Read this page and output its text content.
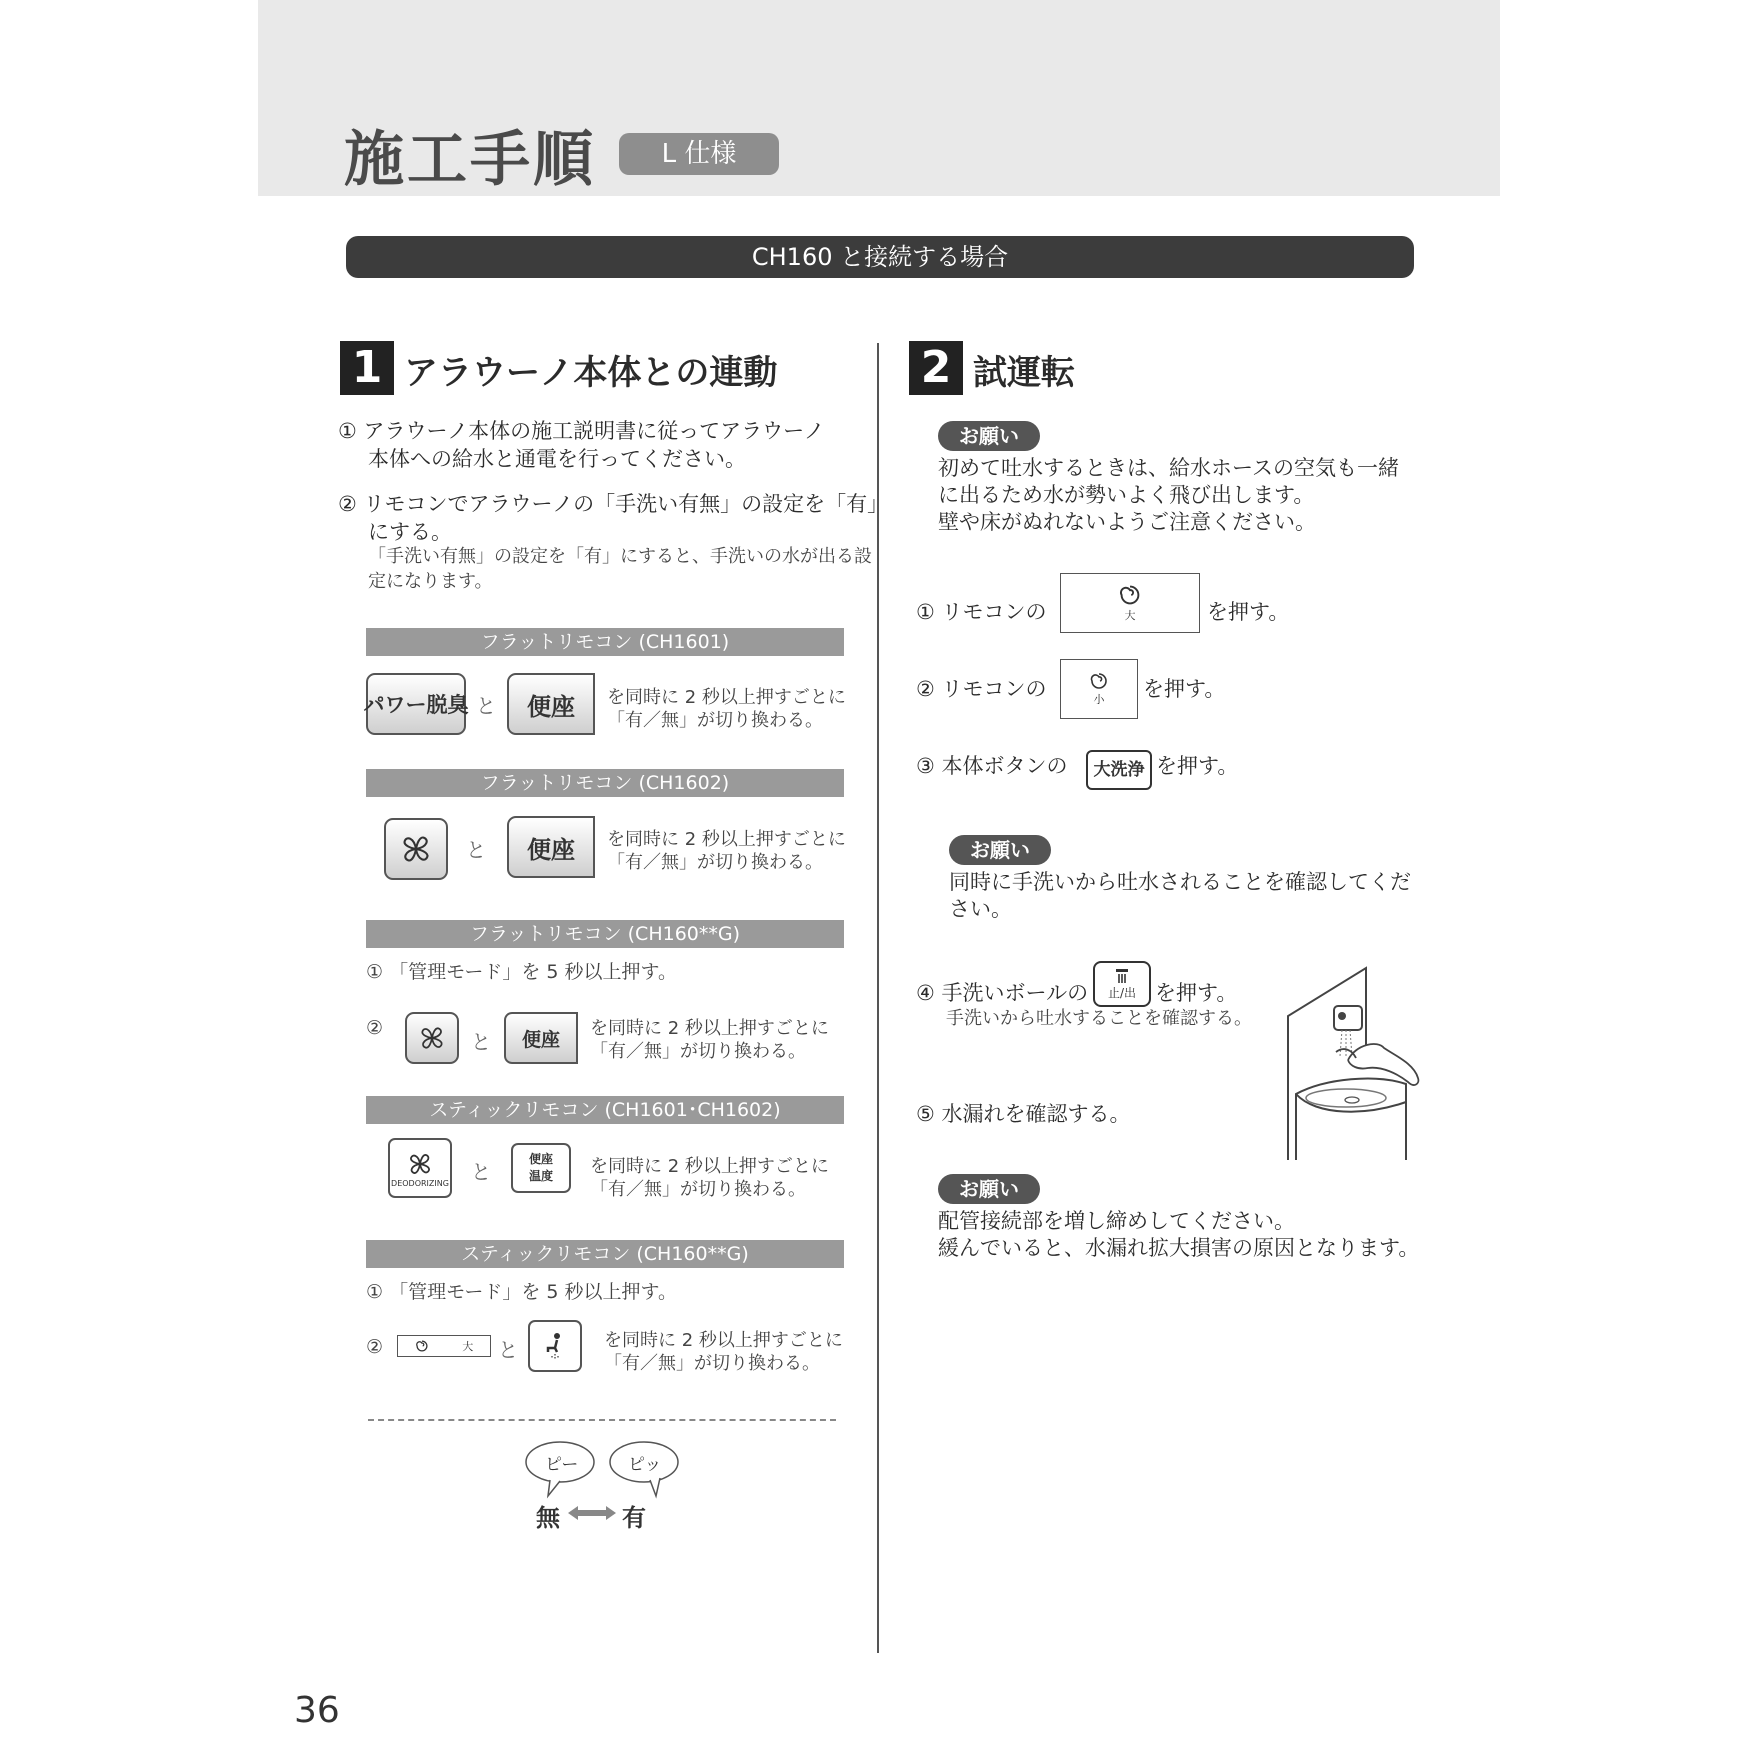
施工手順	L 仕様
CH160 と接続する場合
1 アラウーノ本体との連動
① アラウーノ本体の施工説明書に従ってアラウーノ
本体への給水と通電を行ってください。
② リモコンでアラウーノの「手洗い有無」の設定を「有」
にする。
「手洗い有無」の設定を「有」にすると、手洗いの水が出る設
定になります。
フラットリモコン (CH1601)
パワー脱臭 と	便座	を同時に 2 秒以上押すごとに
「有／無」が切り換わる。
フラットリモコン (CH1602)
と	便座	を同時に 2 秒以上押すごとに
「有／無」が切り換わる。
フラットリモコン (CH160**G)
① 「管理モード」を 5 秒以上押す。
②
と	便座	を同時に 2 秒以上押すごとに
「有／無」が切り換わる。
スティックリモコン (CH1601･CH1602)
DEODORIZING と
便座
温度 を同時に 2 秒以上押すごとに
「有／無」が切り換わる。
スティックリモコン (CH160**G)
① 「管理モード」を 5 秒以上押す。
②	大 と	を同時に 2 秒以上押すごとに
「有／無」が切り換わる。
ピー	ピッ
無	有
2 試運転
お願い
初めて吐水するときは、給水ホースの空気も一緒
に出るため水が勢いよく飛び出します。
壁や床がぬれないようご注意ください。
① リモコンの	大	を押す。
② リモコンの	小 を押す。
③ 本体ボタンの	大洗浄 を押す。
お願い
同時に手洗いから吐水されることを確認してくだ
さい。
④ 手洗いボールの 止/出 を押す。
手洗いから吐水することを確認する。
⑤ 水漏れを確認する。
お願い
配管接続部を増し締めしてください。
緩んでいると、水漏れ拡大損害の原因となります。
36
